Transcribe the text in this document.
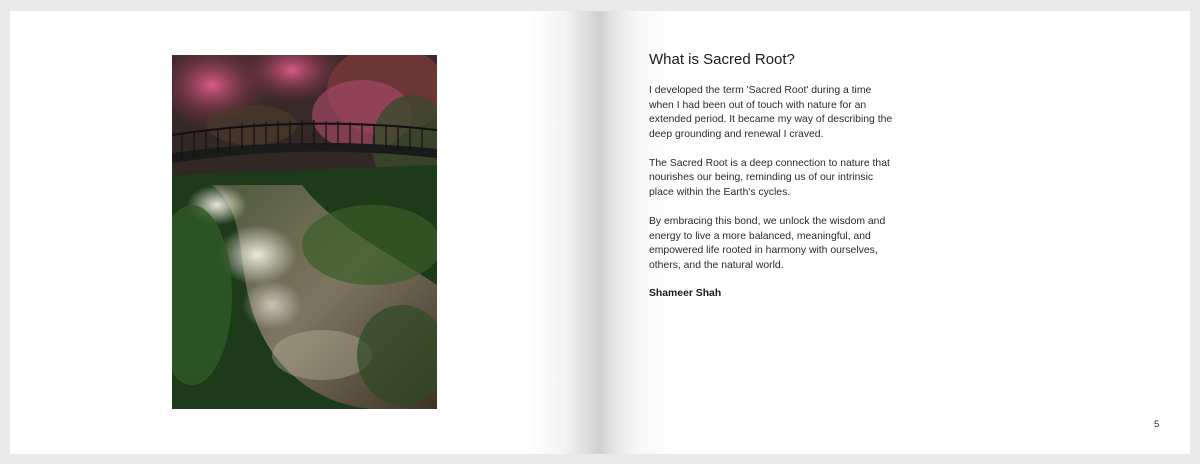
What is Sacred Root?

I developed the term 'Sacred Root' during a time when I had been out of touch with nature for an extended period. It became my way of describing the deep grounding and renewal I craved.

The Sacred Root is a deep connection to nature that nourishes our being, reminding us of our intrinsic place within the Earth's cycles.

By embracing this bond, we unlock the wisdom and energy to live a more balanced, meaningful, and empowered life rooted in harmony with ourselves, others, and the natural world.

Shameer Shah

5
